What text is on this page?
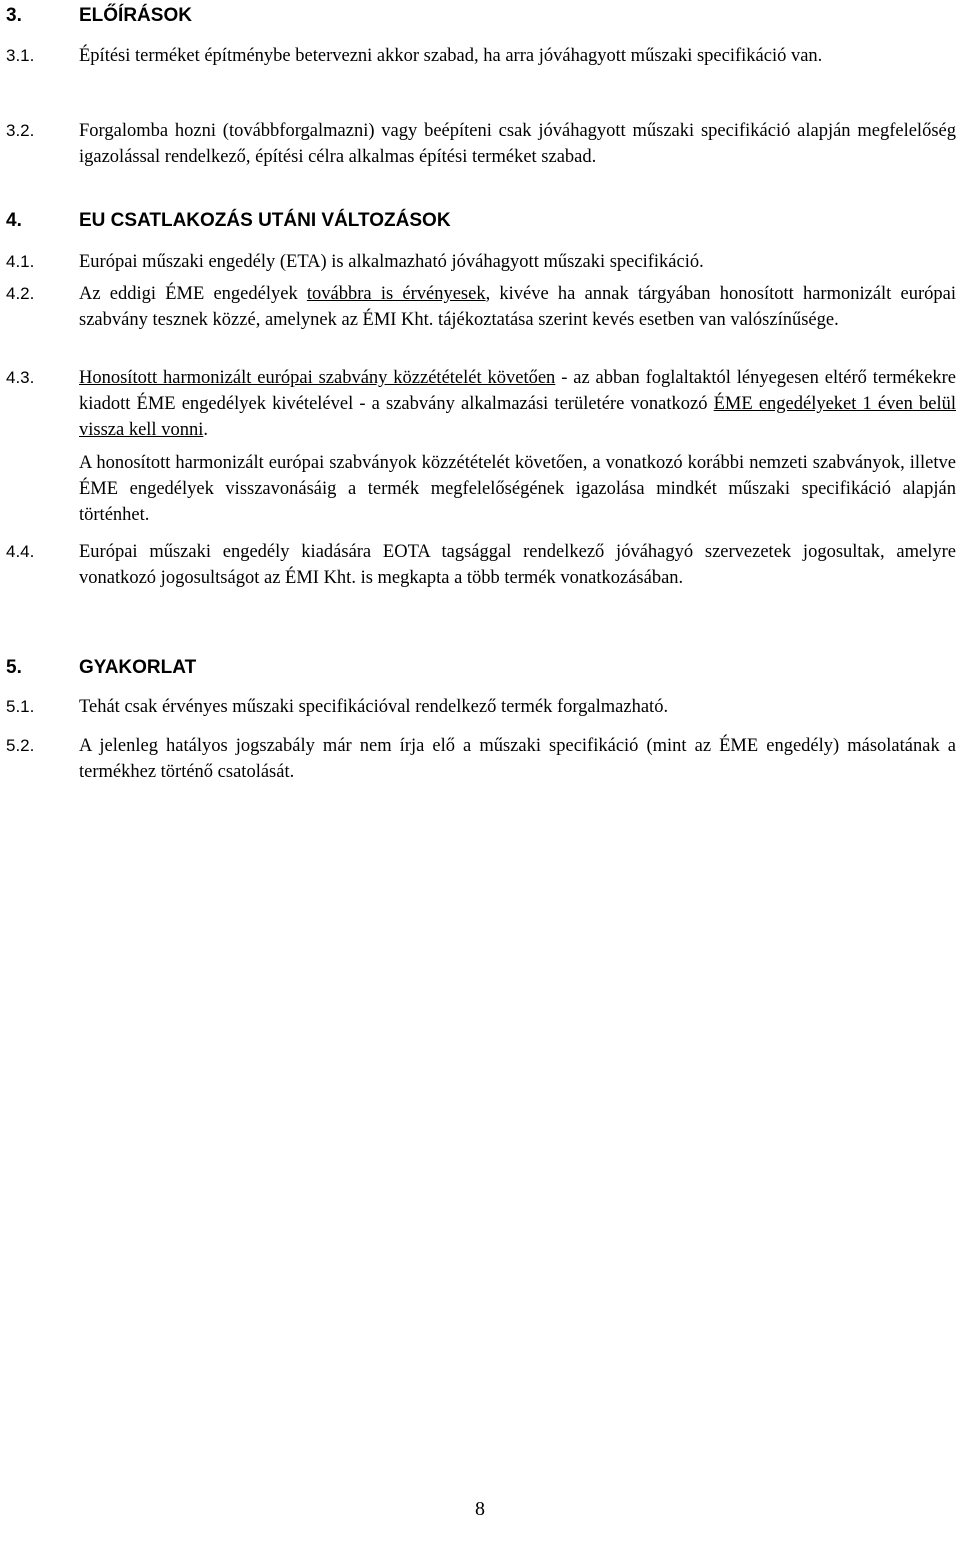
3.	ELŐÍRÁSOK
3.1. Építési terméket építménybe betervezni akkor szabad, ha arra jóváhagyott műszaki specifikáció van.
3.2. Forgalomba hozni (továbbforgalmazni) vagy beépíteni csak jóváhagyott műszaki specifikáció alapján megfelelőség igazolással rendelkező, építési célra alkalmas építési terméket szabad.
4.	EU CSATLAKOZÁS UTÁNI VÁLTOZÁSOK
4.1. Európai műszaki engedély (ETA) is alkalmazható jóváhagyott műszaki specifikáció.
4.2. Az eddigi ÉME engedélyek továbbra is érvényesek, kivéve ha annak tárgyában honosított harmonizált európai szabvány tesznek közzé, amelynek az ÉMI Kht. tájékoztatása szerint kevés esetben van valószínűsége.
4.3. Honosított harmonizált európai szabvány közzétételét követően - az abban foglaltaktól lényegesen eltérő termékekre kiadott ÉME engedélyek kivételével - a szabvány alkalmazási területére vonatkozó ÉME engedélyeket 1 éven belül vissza kell vonni.
A honosított harmonizált európai szabványok közzétételét követően, a vonatkozó korábbi nemzeti szabványok, illetve ÉME engedélyek visszavonásáig a termék megfelelőségének igazolása mindkét műszaki specifikáció alapján történhet.
4.4. Európai műszaki engedély kiadására EOTA tagsággal rendelkező jóváhagyó szervezetek jogosultak, amelyre vonatkozó jogosultságot az ÉMI Kht. is megkapta a több termék vonatkozásában.
5.	GYAKORLAT
5.1. Tehát csak érvényes műszaki specifikációval rendelkező termék forgalmazható.
5.2. A jelenleg hatályos jogszabály már nem írja elő a műszaki specifikáció (mint az ÉME engedély) másolatának a termékhez történő csatolását.
8
